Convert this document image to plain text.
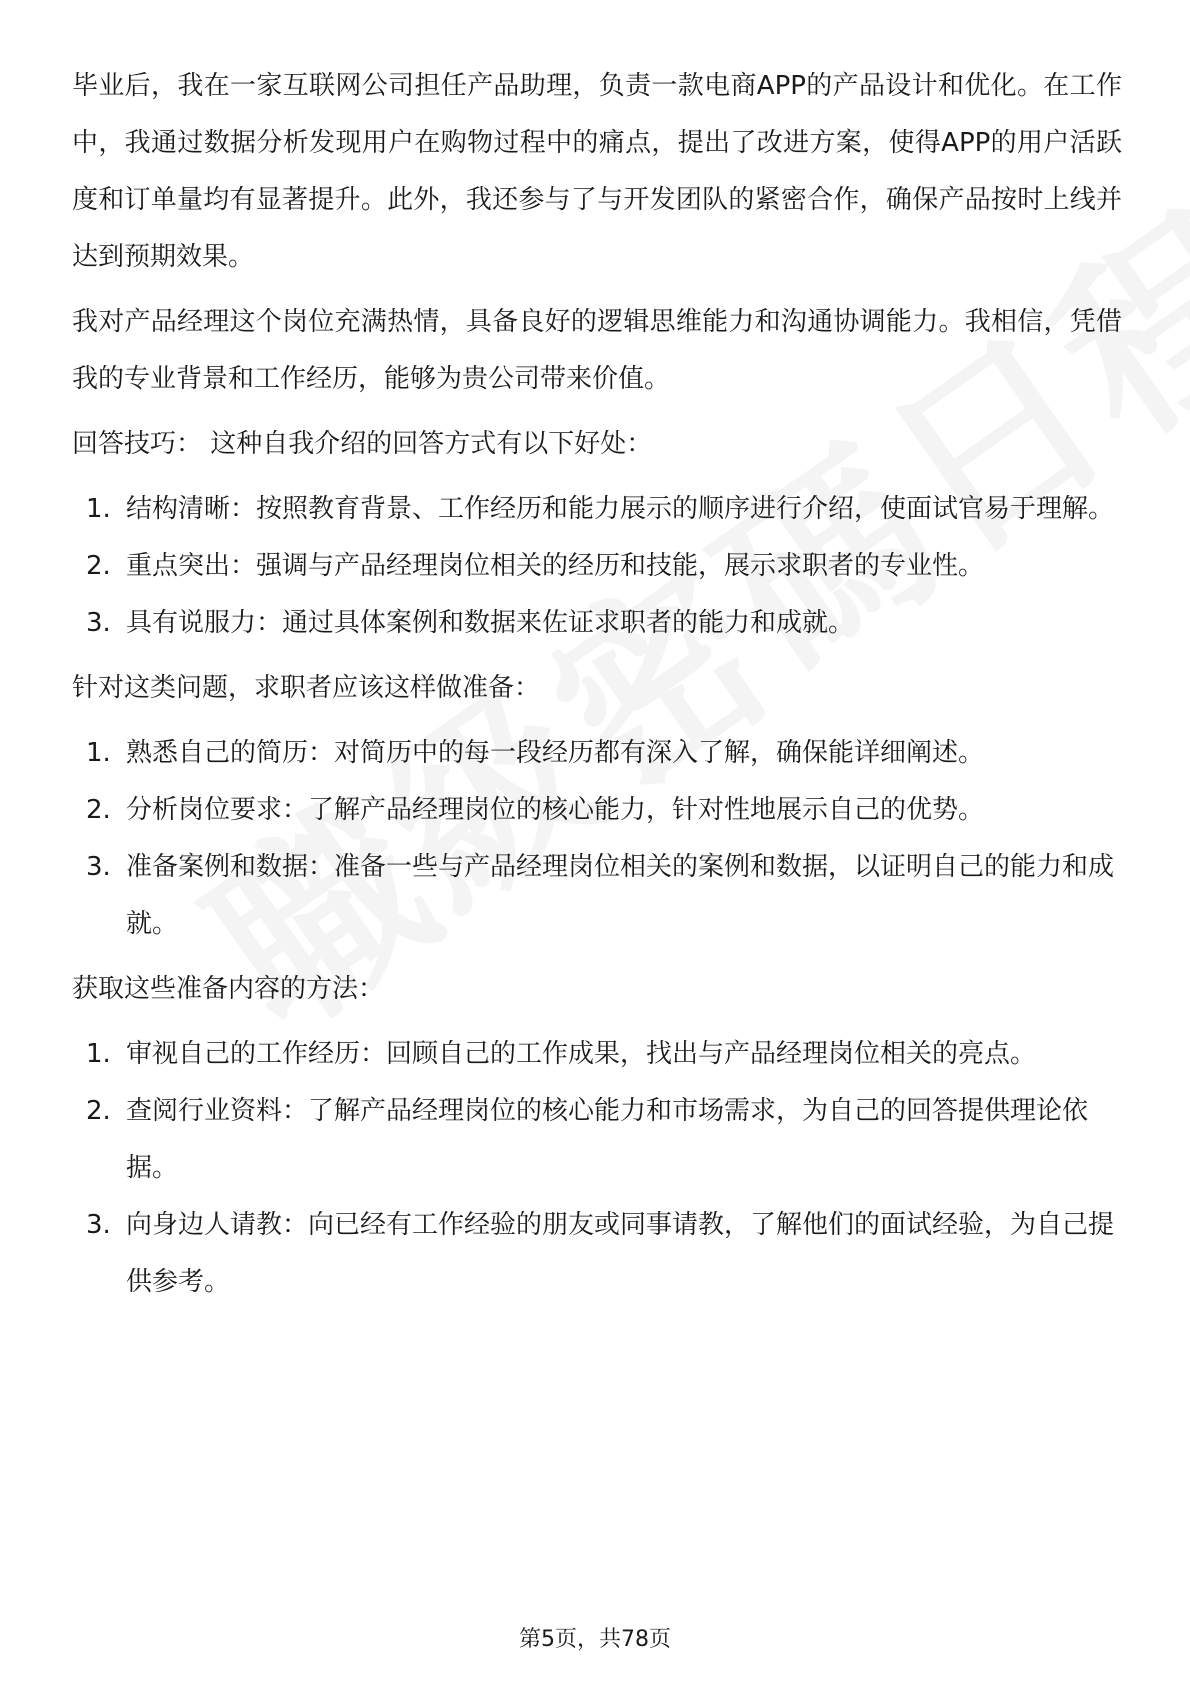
毕业后，我在一家互联网公司担任产品助理，负责一款电商APP的产品设计和优化。在工作中，我通过数据分析发现用户在购物过程中的痛点，提出了改进方案，使得APP的用户活跃度和订单量均有显著提升。此外，我还参与了与开发团队的紧密合作，确保产品按时上线并达到预期效果。

我对产品经理这个岗位充满热情，具备良好的逻辑思维能力和沟通协调能力。我相信，凭借我的专业背景和工作经历，能够为贵公司带来价值。

回答技巧： 这种自我介绍的回答方式有以下好处：

1. 结构清晰：按照教育背景、工作经历和能力展示的顺序进行介绍，使面试官易于理解。
2. 重点突出：强调与产品经理岗位相关的经历和技能，展示求职者的专业性。
3. 具有说服力：通过具体案例和数据来佐证求职者的能力和成就。

针对这类问题，求职者应该这样做准备：

1. 熟悉自己的简历：对简历中的每一段经历都有深入了解，确保能详细阐述。
2. 分析岗位要求：了解产品经理岗位的核心能力，针对性地展示自己的优势。
3. 准备案例和数据：准备一些与产品经理岗位相关的案例和数据，以证明自己的能力和成就。

获取这些准备内容的方法：

1. 审视自己的工作经历：回顾自己的工作成果，找出与产品经理岗位相关的亮点。
2. 查阅行业资料：了解产品经理岗位的核心能力和市场需求，为自己的回答提供理论依据。
3. 向身边人请教：向已经有工作经验的朋友或同事请教，了解他们的面试经验，为自己提供参考。
第5页，共78页
